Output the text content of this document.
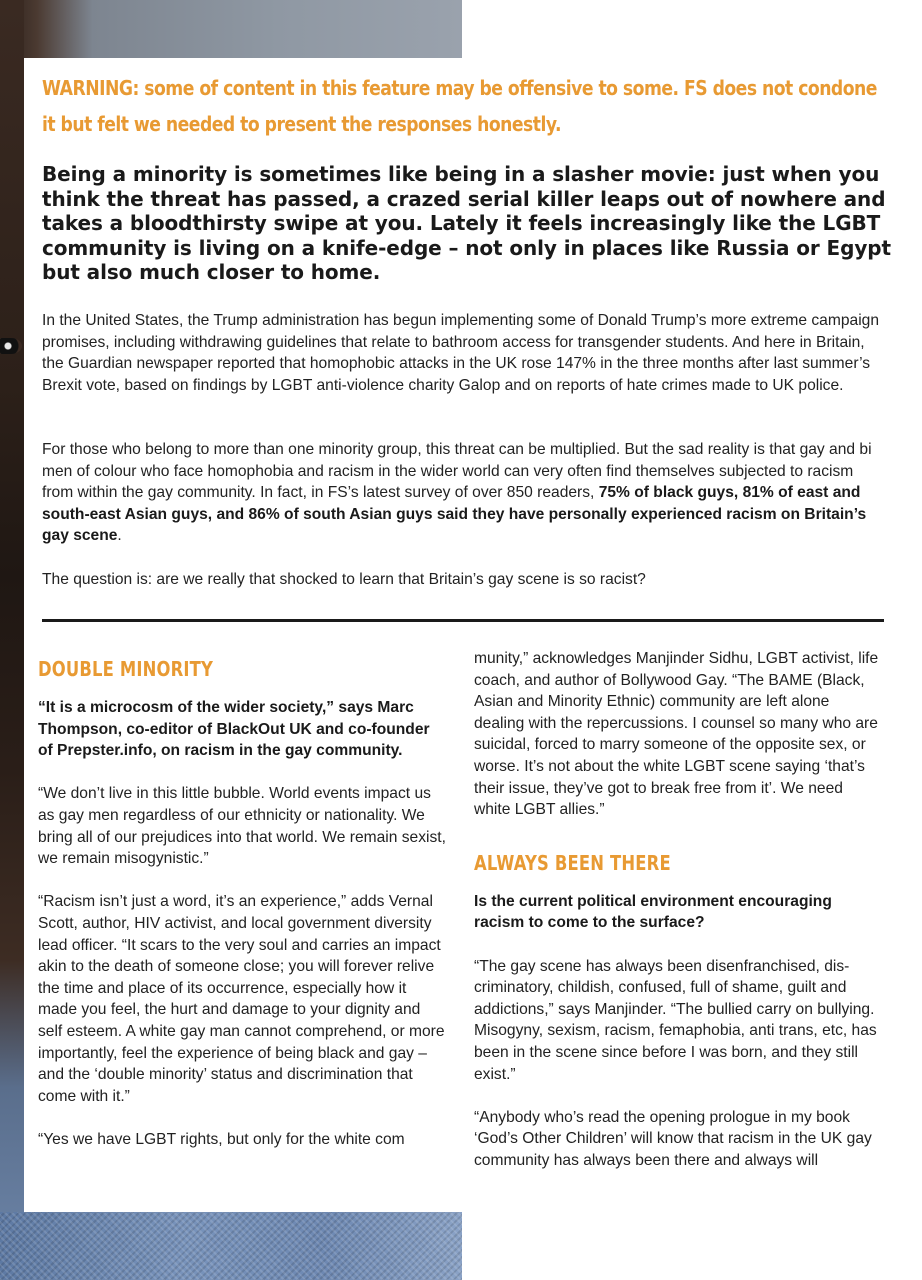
WARNING: some of content in this feature may be offensive to some. FS does not condone it but felt we needed to present the responses honestly.

Being a minority is sometimes like being in a slasher movie: just when you think the threat has passed, a crazed serial killer leaps out of nowhere and takes a bloodthirsty swipe at you. Lately it feels increasingly like the LGBT community is living on a knife-edge – not only in places like Russia or Egypt but also much closer to home.

In the United States, the Trump administration has begun implementing some of Donald Trump’s more extreme campaign promises, including withdrawing guidelines that relate to bathroom access for transgender students. And here in Britain, the Guardian newspaper reported that homophobic attacks in the UK rose 147% in the three months after last summer’s Brexit vote, based on findings by LGBT anti-violence charity Galop and on reports of hate crimes made to UK police.

For those who belong to more than one minority group, this threat can be multiplied. But the sad reality is that gay and bi men of colour who face homophobia and racism in the wider world can very often find themselves subjected to racism from within the gay community. In fact, in FS’s latest survey of over 850 readers, 75% of black guys, 81% of east and south-east Asian guys, and 86% of south Asian guys said they have personally experienced racism on Britain’s gay scene.

The question is: are we really that shocked to learn that Britain’s gay scene is so racist?

DOUBLE MINORITY

“It is a microcosm of the wider society,” says Marc Thompson, co-editor of BlackOut UK and co-founder of Prepster.info, on racism in the gay community.

“We don’t live in this little bubble. World events impact us as gay men regardless of our ethnicity or nationality. We bring all of our prejudices into that world. We remain sexist, we remain misogynistic.”

“Racism isn’t just a word, it’s an experience,” adds Vernal Scott, author, HIV activist, and local government diversity lead officer. “It scars to the very soul and carries an impact akin to the death of someone close; you will forever relive the time and place of its occurrence, especially how it made you feel, the hurt and damage to your dignity and self esteem. A white gay man cannot comprehend, or more importantly, feel the experience of being black and gay – and the ‘double minority’ status and discrimination that come with it.”

“Yes we have LGBT rights, but only for the white com

munity,” acknowledges Manjinder Sidhu, LGBT activist, life coach, and author of Bollywood Gay. “The BAME (Black, Asian and Minority Ethnic) community are left alone dealing with the repercussions. I counsel so many who are suicidal, forced to marry someone of the opposite sex, or worse. It’s not about the white LGBT scene saying ‘that’s their issue, they’ve got to break free from it’. We need white LGBT allies.”

ALWAYS BEEN THERE

Is the current political environment encouraging racism to come to the surface?

“The gay scene has always been disenfranchised, discriminatory, childish, confused, full of shame, guilt and addictions,” says Manjinder. “The bullied carry on bullying. Misogyny, sexism, racism, femaphobia, anti trans, etc, has been in the scene since before I was born, and they still exist.”

“Anybody who’s read the opening prologue in my book ‘God’s Other Children’ will know that racism in the UK gay community has always been there and always will
